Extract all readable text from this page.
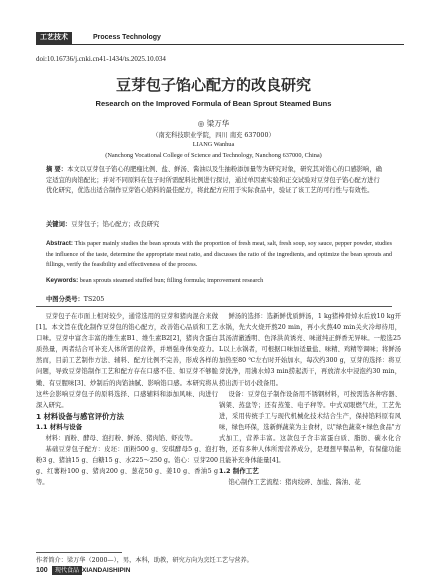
工艺技术	Process Technology
doi:10.16736/j.cnki.cn41-1434/ts.2025.10.034
豆芽包子馅心配方的改良研究
Research on the Improved Formula of Bean Sprout Steamed Buns
◎ 梁万华
（南充科技职业学院，四川 南充 637000）
LIANG Wanhua
(Nanchong Vocational College of Science and Technology, Nanchong 637000, China)
摘 要：本文以豆芽包子馅心的肥瘦比例、盐、鲜汤、酱油以及生抽粉添加量等为研究对象，研究其对馅心的口感影响，确定适宜的肉馅配比；并对不同原料在包子时所需配料比例进行探讨，通过单因素实验和正交试验对豆芽包子馅心配方进行优化研究，优选出适合制作豆芽馅心馅料的最佳配方，将此配方应用于实际食品中，验证了该工艺的可行性与有效性。
关键词：豆芽包子；馅心配方；改良研究
Abstract: This paper mainly studies the bean sprouts with the proportion of fresh meat, salt, fresh soup, soy sauce, pepper powder, studies the influence of the taste, determine the appropriate meat ratio, and discusses the ratio of the ingredients, and optimize the bean sprouts and fillings, verify the feasibility and effectiveness of the process.
Keywords: bean sprouts steamed stuffed bun; filling formula; improvement research
中图分类号：TS205

豆芽包子在市面上相对较少，通常选用的豆芽和猪肉混合来做[1]。本文旨在优化制作豆芽包的馅心配方，改善馅心品质和工艺口味。豆芽中富含丰富的维生素B1、维生素B2[2]，猪肉含蛋白质热量，两者结合可补充人体所需的营养，并增强身体免疫力。然而，目前工艺制作方法、辅料、配方比例不完善，形成各样的问题，导致豆芽馅制作工艺和配方存在口感不佳、如豆芽不够脆嫩、有豆腥味[3]、炒制后的肉馅油腻、影响馅口感。本研究将从这些会影响豆芽包子的原料选择、口感辅料和添加风味、肉进行深入研究。

1 材料设备与感官评价方法

1.1 材料与设备

材料：面粉、酵母、泡打粉、鲜汤、猪肉馅、虾皮等。

基础豆芽包子配方：皮坯：面粉500 g、安琪酵母5 g、泡打粉3 g、猪油15 g、白糖15 g、水225～250 g。馅心：豆芽200 g、红薯粉100 g、猪肉200 g、葱花50 g、姜10 g、香油5 g等。

鲜汤的选择：选新鲜优质鲜汤，1 kg猪棒骨焯水后放10 kg开水锅，先大火烧开熬20 min，再小火熬40 min关火冷却待用，其汤清澈透明、色泽洪黄诱亮、味道纯正鲜香无异味。一般选25 L以上水锅者，可根据口味加适量盐、味精、鸡精等调味；将鲜汤加热至80 ℃左右时开始加水，每次约300 g，豆芽的选择：将豆芽洗净，用沸水焯3 min捞起沥干，再放清水中浸泡约30 min，捞出沥干切小段备用。

设备：豆芽包子制作设备用不锈钢材料，可按需选各种容器、锅架、蒸盘等；还有蒸笼、电子秤等。中式双眼燃气灶，工艺先进，采用传统手工与现代机械化技术结合生产，保持馅料原有风味，绿色环保，选新鲜蔬菜为主食材，以"绿色蔬菜+绿色食品"方式加工，营养丰富。这款包子含丰富蛋白质、脂肪、碳水化合物，还有多种人体所需营养成分，是理想早餐品种，有保健功能且能补充身体能量[4]。

1.2 制作工艺

馅心制作工艺流程：猪肉绞碎、加盐、酱油、花

作者简介：梁万华（2000—），男，本科，助教，研究方向为烹饪工艺与营养。
100	现代食品 XIANDAISHIPIN
